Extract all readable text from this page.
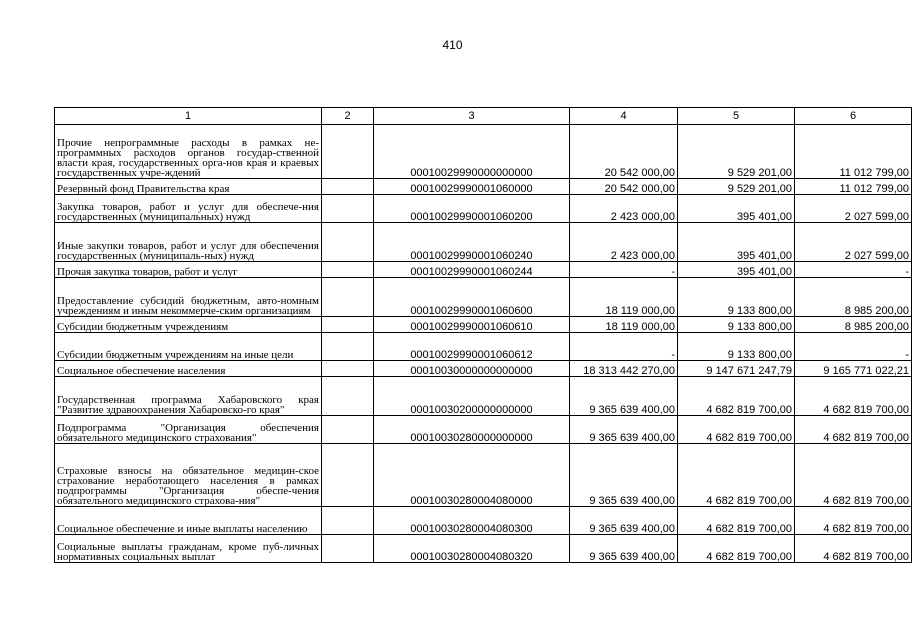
410
1	2	3	4	5	6
Прочие непрограммные расходы в рамках не-программных расходов органов государ-ственной власти края, государственных орга-нов края и краевых государственных учре-ждений		00010029990000000000	20 542 000,00	9 529 201,00	11 012 799,00
Резервный фонд Правительства края		00010029990001060000	20 542 000,00	9 529 201,00	11 012 799,00
Закупка товаров, работ и услуг для обеспече-ния государственных (муниципальных) нужд		00010029990001060200	2 423 000,00	395 401,00	2 027 599,00
Иные закупки товаров, работ и услуг для обеспечения государственных (муниципаль-ных) нужд		00010029990001060240	2 423 000,00	395 401,00	2 027 599,00
Прочая закупка товаров, работ и услуг		00010029990001060244	-	395 401,00	-
Предоставление субсидий бюджетным, авто-номным учреждениям и иным некоммерче-ским организациям		00010029990001060600	18 119 000,00	9 133 800,00	8 985 200,00
Субсидии бюджетным учреждениям		00010029990001060610	18 119 000,00	9 133 800,00	8 985 200,00
Субсидии бюджетным учреждениям на иные цели		00010029990001060612	-	9 133 800,00	-
Социальное обеспечение населения		00010030000000000000	18 313 442 270,00	9 147 671 247,79	9 165 771 022,21
Государственная программа Хабаровского края "Развитие здравоохранения Хабаровско-го края"		00010030200000000000	9 365 639 400,00	4 682 819 700,00	4 682 819 700,00
Подпрограмма "Организация обеспечения обязательного медицинского страхования"		00010030280000000000	9 365 639 400,00	4 682 819 700,00	4 682 819 700,00
Страховые взносы на обязательное медицин-ское страхование неработающего населения в рамках подпрограммы "Организация обеспе-чения обязательного медицинского страхова-ния"		00010030280004080000	9 365 639 400,00	4 682 819 700,00	4 682 819 700,00
Социальное обеспечение и иные выплаты населению		00010030280004080300	9 365 639 400,00	4 682 819 700,00	4 682 819 700,00
Социальные выплаты гражданам, кроме пуб-личных нормативных социальных выплат		00010030280004080320	9 365 639 400,00	4 682 819 700,00	4 682 819 700,00
